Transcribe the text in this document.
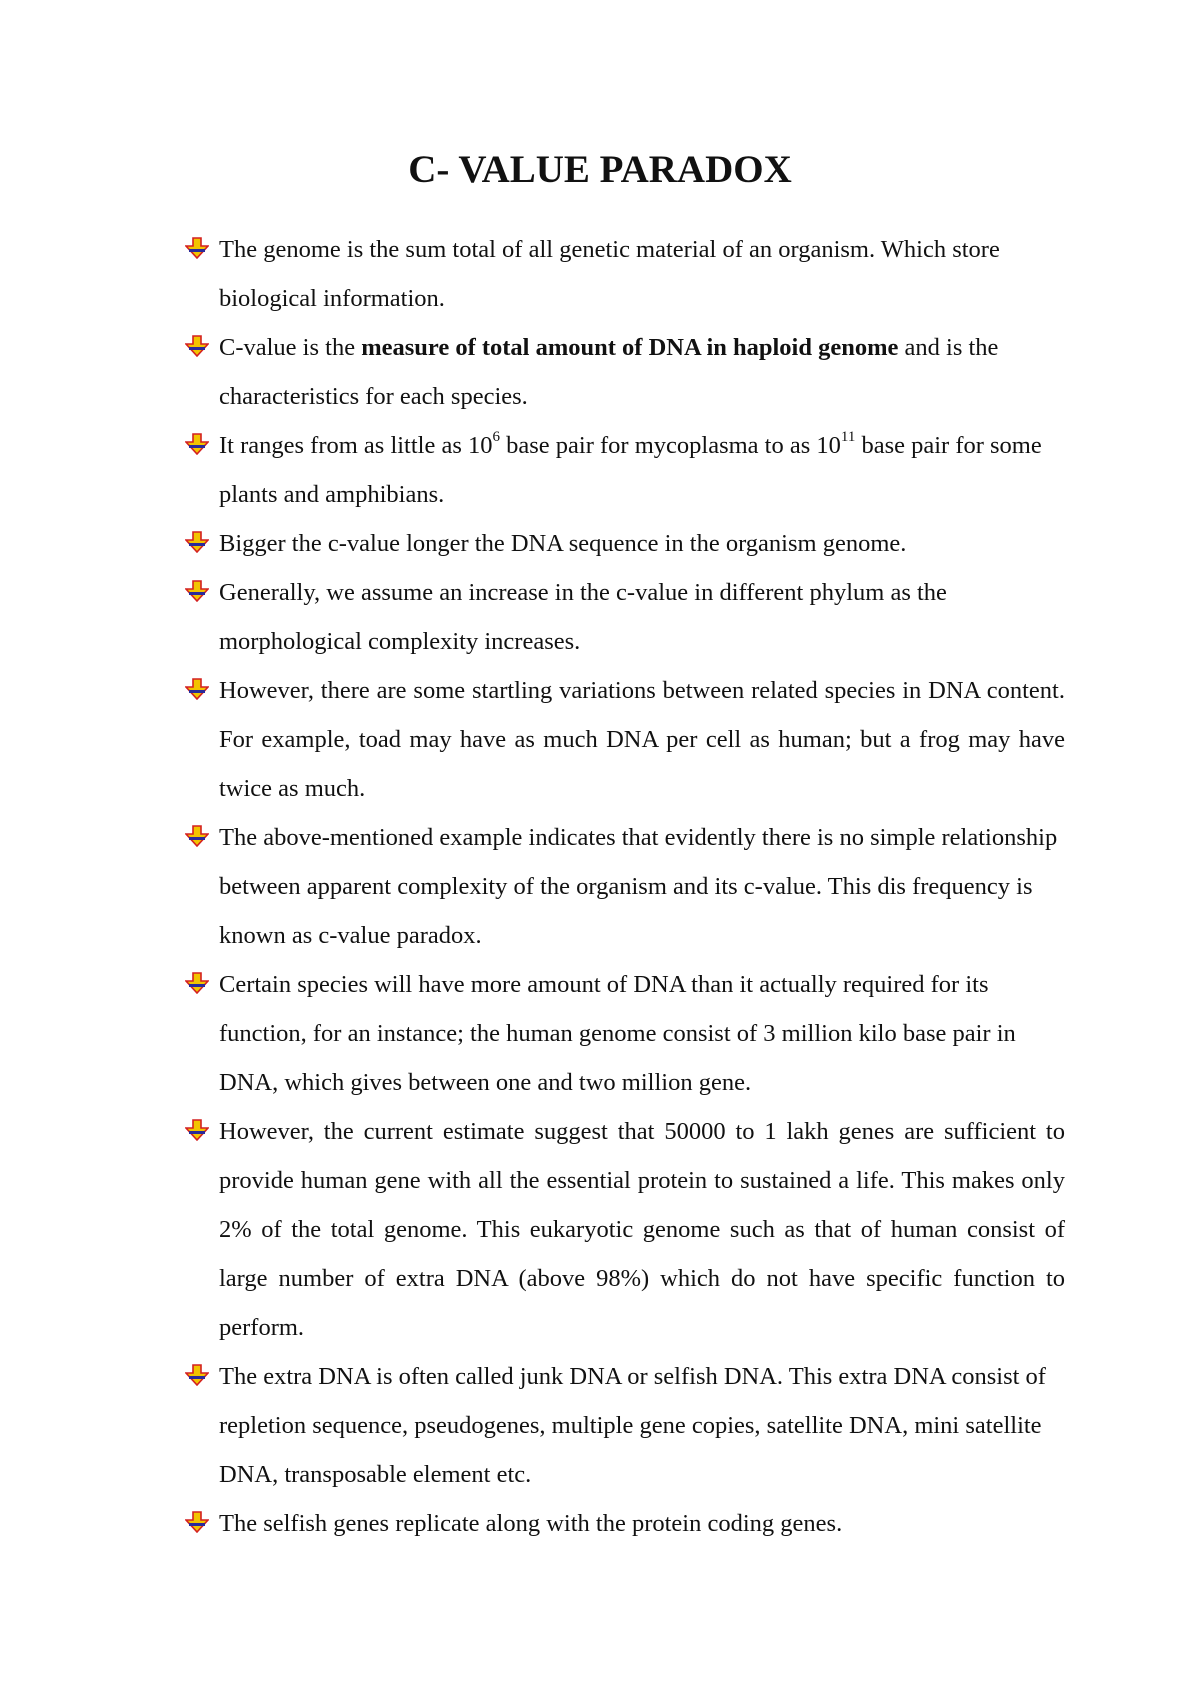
C- VALUE PARADOX
The genome is the sum total of all genetic material of an organism. Which store biological information.
C-value is the measure of total amount of DNA in haploid genome and is the characteristics for each species.
It ranges from as little as $10^6$ base pair for mycoplasma to as $10^{11}$ base pair for some plants and amphibians.
Bigger the c-value longer the DNA sequence in the organism genome.
Generally, we assume an increase in the c-value in different phylum as the morphological complexity increases.
However, there are some startling variations between related species in DNA content. For example, toad may have as much DNA per cell as human; but a frog may have twice as much.
The above-mentioned example indicates that evidently there is no simple relationship between apparent complexity of the organism and its c-value. This dis frequency is known as c-value paradox.
Certain species will have more amount of DNA than it actually required for its function, for an instance; the human genome consist of 3 million kilo base pair in DNA, which gives between one and two million gene.
However, the current estimate suggest that 50000 to 1 lakh genes are sufficient to provide human gene with all the essential protein to sustained a life. This makes only 2% of the total genome. This eukaryotic genome such as that of human consist of large number of extra DNA (above 98%) which do not have specific function to perform.
The extra DNA is often called junk DNA or selfish DNA. This extra DNA consist of repletion sequence, pseudogenes, multiple gene copies, satellite DNA, mini satellite DNA, transposable element etc.
The selfish genes replicate along with the protein coding genes.
